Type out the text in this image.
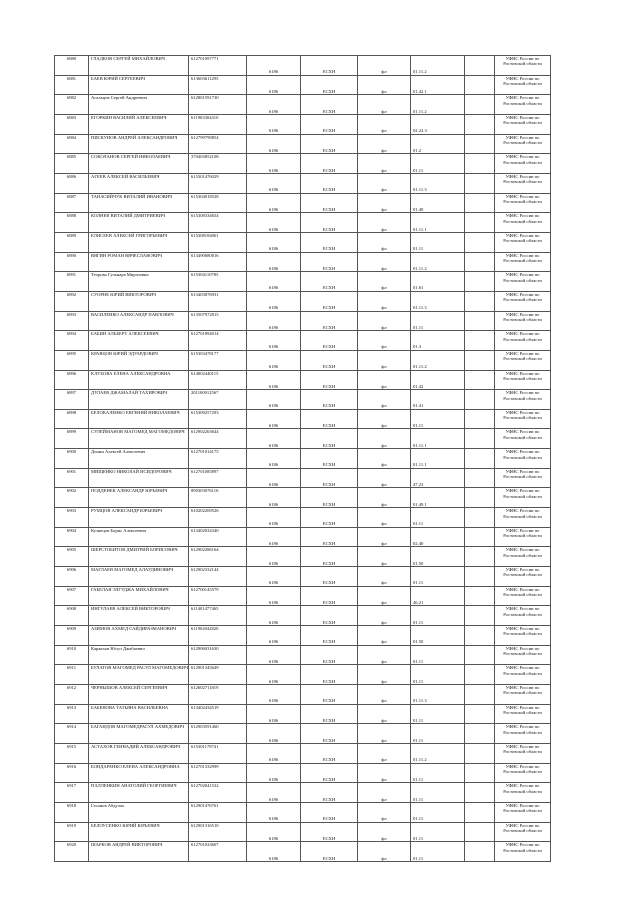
6880	ГЛАДКОВ СЕРГЕЙ МИХАЙЛОВИЧ	612701097771	6186	ЕСХН	фл	01.11.2		УФНС России по
Ростовской области

6881	БАЕВ ЮРИЙ СЕРГЕЕВИЧ	613603611295	6186	ЕСХН	фл	01.42.1		УФНС России по
Ростовской области

6882	Агальцов Сергей Андреевич	612801591730	6186	ЕСХН	фл	01.11.2		УФНС России по
Ростовской области

6883	ЕГОРКИН ВАСИЛИЙ АЛЕКСЕЕВИЧ	611903304310	6186	ЕСХН	фл	02.22.3		УФНС России по
Ростовской области

6884	ПИСКУНОВ АНДРЕЙ АЛЕКСАНДРОВИЧ	612799799854	6186	ЕСХН	фл	01.2		УФНС России по
Ростовской области

6885	СОКОЛАНОВ СЕРГЕЙ НИКОЛАЕВИЧ	370403852108	6186	ЕСХН	фл	01.11		УФНС России по
Ростовской области

6886	АГЕЕВ АЛЕКСЕЙ ВАСИЛЬЕВИЧ	615301476029	6186	ЕСХН	фл	01.11.3		УФНС России по
Ростовской области

6887	ТАНАСИЙЧУК ВИТАЛИЙ ИВАНОВИЧ	615304018528	6186	ЕСХН	фл	01.49		УФНС России по
Ростовской области

6888	КОЛНЕВ ВИТАЛИЙ ДМИТРИЕВИЧ	615308334654	6186	ЕСХН	фл	01.11.1		УФНС России по
Ростовской области

6889	ЕЛИСЕЕВ АЛЕКСЕЙ ГРИГОРЬЕВИЧ	615308184061	6186	ЕСХН	фл	01.11		УФНС России по
Ростовской области

6890	ВЯГИН РОМАН ВЯЧЕСЛАВОВИЧ	613490680816	6186	ЕСХН	фл	01.11.2		УФНС России по
Ростовской области

6891	Теорова Гульнара Мирзоевна	615304110785	6186	ЕСХН	фл	01.61		УФНС России по
Ростовской области

6892	СУОРНЕ ЮРИЙ ВИКТОРОВИЧ	613403876931	6186	ЕСХН	фл	01.11.3		УФНС России по
Ростовской области

6893	ВАСИЛЕНКО АЛЕКСАНДР ПАВЛОВИЧ	613507972815	6186	ЕСХН	фл	01.11		УФНС России по
Ростовской области

6894	БАБИН АЛЬБЕРТ АЛЕКСЕЕВИЧ	612701894014	6186	ЕСХН	фл	01.3		УФНС России по
Ростовской области

6895	КРАВЦОВ ЮРИЙ ЭДУАРДОВИЧ	615303478177	6186	ЕСХН	фл	01.11.2		УФНС России по
Ростовской области

6896	КЛУБОВА ЕЛЕНА АЛЕКСАНДРОВНА	614802440115	6186	ЕСХН	фл	01.42		УФНС России по
Ростовской области

6897	ДУЛАЕВ ДЖАМАЛАЙ ТАХИРОВИЧ	201100012567	6186	ЕСХН	фл	01.41		УФНС России по
Ростовской области

6898	БЕЛОКАЛЕНКО ЕВГЕНИЙ НИКОЛАЕВИЧ	615309257293	6186	ЕСХН	фл	01.11		УФНС России по
Ростовской области

6899	СУЛЕЙМАНОВ МАГОМЕД МАГОМЕДОВИЧ	612902263644	6186	ЕСХН	фл	01.11.1		УФНС России по
Ростовской области

6900	Донин Алексей Алексеевич	612701014175	6186	ЕСХН	фл	01.11.1		УФНС России по
Ростовской области

6901	МИЩЕНКО НИКОЛАЙ ИСИДОРОВИЧ	612701085897	6186	ЕСХН	фл	47.23		УФНС России по
Ростовской области

6902	ПОДДЕНЕК АЛЕКСАНДР ЮРЬЕВИЧ	890303076116	6186	ЕСХН	фл	01.49.1		УФНС России по
Ростовской области

6903	РУМЦОВ АЛЕКСАНДР ЮРЬЕВИЧ	610202269526	6186	ЕСХН	фл	01.11		УФНС России по
Ростовской области

6904	Кузнецов Борис Алексеевич	613402034340	6186	ЕСХН	фл	02.40		УФНС России по
Ростовской области

6905	ШЕРСТОБИТОВ ДМИТРИЙ БОРИСОВИЧ	612902286164	6186	ЕСХН	фл	01.50		УФНС России по
Ростовской области

6906	МАГЛАЕВ МАГОМЕД АЛАУДИНОВИЧ	612902332144	6186	ЕСХН	фл	01.11		УФНС России по
Ростовской области

6907	ГАБЕЛАЯ ЭЛГУДЖА МИХАЙЛОВИЧ	612700145579	6186	ЕСХН	фл	46.21		УФНС России по
Ростовской области

6908	ИНГУЛАЕВ АЛЕКСЕЙ ВИКТОРОВИЧ	611401477465	6186	ЕСХН	фл	01.11		УФНС России по
Ростовской области

6909	АЗИМОВ АХМЕД САЙДИРАЗМАНОВИЧ	611902042820	6186	ЕСХН	фл	01.50		УФНС России по
Ростовской области

6910	Каракхов Юсуп Джабаевич	612906031630	6186	ЕСХН	фл	01.11		УФНС России по
Ростовской области

6911	БУЛАТОВ МАГОМЕД РАСУЛ МАГОМЕДОВИЧ	612901345649	6186	ЕСХН	фл	01.11		УФНС России по
Ростовской области

6912	ЧЕРНЫШОВ АЛЕКСЕЙ СЕРГЕЕВИЧ	612602711819	6186	ЕСХН	фл	01.11.3		УФНС России по
Ростовской области

6913	БАБЕНОВА ТАТЬЯНА ВАСИЛЬЕВНА	613402434519	6186	ЕСХН	фл	01.11		УФНС России по
Ростовской области

6914	БАГАНДОВ МАГОМЕДРАСУЛ АХМЕДОВИЧ	612903591460	6186	ЕСХН	фл	01.11		УФНС России по
Ростовской области

6915	АСТАХОВ ГЕННАДИЙ АЛЕКСАНДРОВИЧ	615301178741	6186	ЕСХН	фл	01.11.2		УФНС России по
Ростовской области

6916	БОНДАРЕНКО ЕЛЕНА АЛЕКСАНДРОВНА	612701332999	6186	ЕСХН	фл	01.11		УФНС России по
Ростовской области

6917	ПАЛЛЕНКИН АНАТОЛИЙ ГЕОРГИЕВИЧ	612702041522	6186	ЕСХН	фл	01.11		УФНС России по
Ростовской области

6918	Гасанов Абдулах	612901476761	6186	ЕСХН	фл	01.11		УФНС России по
Ростовской области

6919	БЕЛОУСЕНКО ЮРИЙ ЮРЬЕВИЧ	612901316510	6186	ЕСХН	фл	01.11		УФНС России по
Ростовской области

6920	ШАРКОВ АНДРЕЙ ВИКТОРОВИЧ	612701023607	6186	ЕСХН	фл	01.11		УФНС России по
Ростовской области
